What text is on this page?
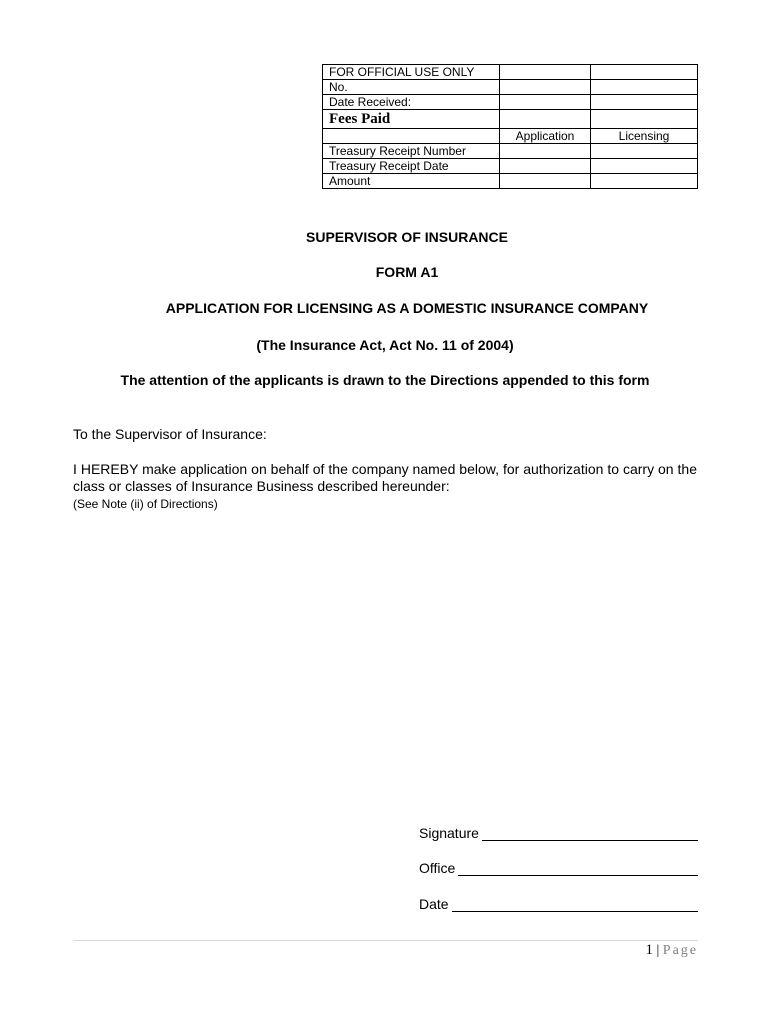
FOR OFFICIAL USE ONLY		
No.		
Date Received:		
Fees Paid		
	Application	Licensing
Treasury Receipt Number		
Treasury Receipt Date		
Amount		

SUPERVISOR OF INSURANCE

FORM A1

APPLICATION FOR LICENSING AS A DOMESTIC INSURANCE COMPANY

(The Insurance Act, Act No. 11 of 2004)

The attention of the applicants is drawn to the Directions appended to this form

To the Supervisor of Insurance:

I HEREBY make application on behalf of the company named below, for authorization to carry on the class or classes of Insurance Business described hereunder:

(See Note (ii) of Directions)

Signature
Office
Date
1 | Page
